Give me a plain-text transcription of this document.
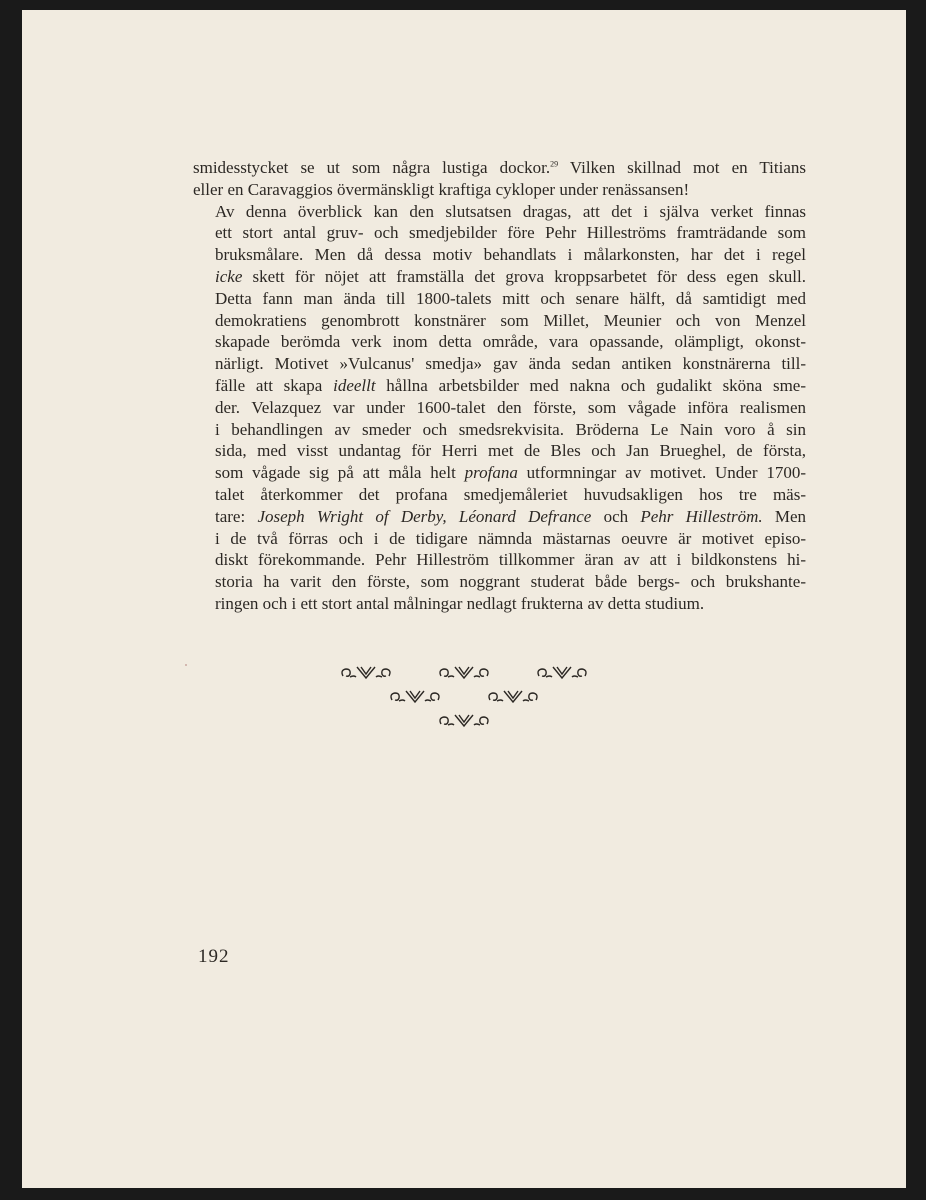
smidesstycket se ut som några lustiga dockor.$^{29}$ Vilken skillnad mot en Titians
eller en Caravaggios övermänskligt kraftiga cykloper under renässansen!

Av denna överblick kan den slutsatsen dragas, att det i själva verket finnas
ett stort antal gruv- och smedjebilder före Pehr Hilleströms framträdande som
bruksmålare. Men då dessa motiv behandlats i målarkonsten, har det i regel
icke skett för nöjet att framställa det grova kroppsarbetet för dess egen skull.
Detta fann man ända till 1800-talets mitt och senare hälft, då samtidigt med
demokratiens genombrott konstnärer som Millet, Meunier och von Menzel
skapade berömda verk inom detta område, vara opassande, olämpligt, okonst-
närligt. Motivet »Vulcanus' smedja» gav ända sedan antiken konstnärerna till-
fälle att skapa ideellt hållna arbetsbilder med nakna och gudalikt sköna sme-
der. Velazquez var under 1600-talet den förste, som vågade införa realismen
i behandlingen av smeder och smedsrekvisita. Bröderna Le Nain voro å sin
sida, med visst undantag för Herri met de Bles och Jan Brueghel, de första,
som vågade sig på att måla helt profana utformningar av motivet. Under 1700-
talet återkommer det profana smedjemåleriet huvudsakligen hos tre mäs-
tare: Joseph Wright of Derby, Léonard Defrance och Pehr Hilleström. Men
i de två förras och i de tidigare nämnda mästarnas oeuvre är motivet episo-
diskt förekommande. Pehr Hilleström tillkommer äran av att i bildkonstens hi-
storia ha varit den förste, som noggrant studerat både bergs- och brukshante-
ringen och i ett stort antal målningar nedlagt frukterna av detta studium.

192
